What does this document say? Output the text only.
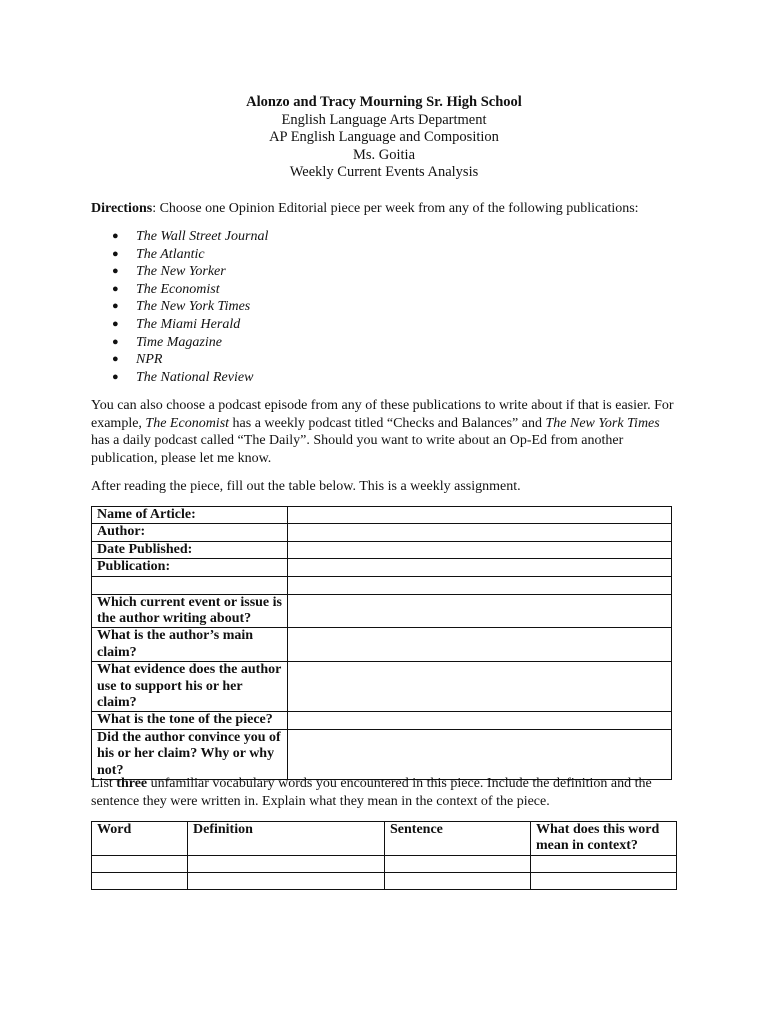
Alonzo and Tracy Mourning Sr. High School
English Language Arts Department
AP English Language and Composition
Ms. Goitia
Weekly Current Events Analysis
Directions: Choose one Opinion Editorial piece per week from any of the following publications:
● The Wall Street Journal
● The Atlantic
● The New Yorker
● The Economist
● The New York Times
● The Miami Herald
● Time Magazine
● NPR
● The National Review
You can also choose a podcast episode from any of these publications to write about if that is easier. For example, The Economist has a weekly podcast titled “Checks and Balances” and The New York Times has a daily podcast called “The Daily”. Should you want to write about an Op-Ed from another publication, please let me know.
After reading the piece, fill out the table below. This is a weekly assignment.
Name of Article:	
Author:	
Date Published:	
Publication:	

Which current event or issue is the author writing about?	
What is the author’s main claim?	
What evidence does the author use to support his or her claim?	
What is the tone of the piece?	
Did the author convince you of his or her claim? Why or why not?	
List three unfamiliar vocabulary words you encountered in this piece. Include the definition and the sentence they were written in. Explain what they mean in the context of the piece.
Word	Definition	Sentence	What does this word mean in context?
